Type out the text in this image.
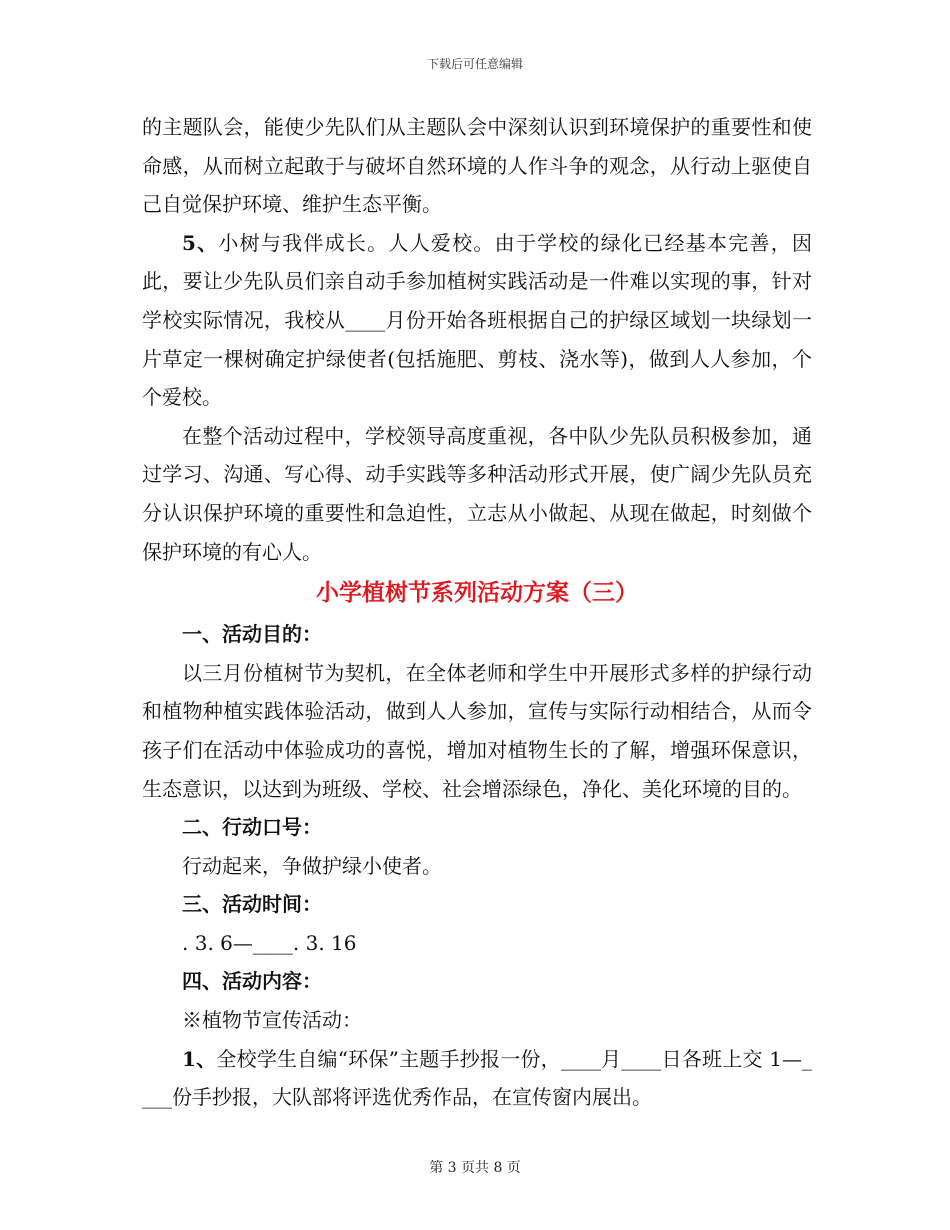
下载后可任意编辑

的主题队会，能使少先队们从主题队会中深刻认识到环境保护的重要性和使命感，从而树立起敢于与破坏自然环境的人作斗争的观念，从行动上驱使自己自觉保护环境、维护生态平衡。

5、小树与我伴成长。人人爱校。由于学校的绿化已经基本完善，因此，要让少先队员们亲自动手参加植树实践活动是一件难以实现的事，针对学校实际情况，我校从____月份开始各班根据自己的护绿区域划一块绿划一片草定一棵树确定护绿使者(包括施肥、剪枝、浇水等)，做到人人参加，个个爱校。

在整个活动过程中，学校领导高度重视，各中队少先队员积极参加，通过学习、沟通、写心得、动手实践等多种活动形式开展，使广阔少先队员充分认识保护环境的重要性和急迫性，立志从小做起、从现在做起，时刻做个保护环境的有心人。

小学植树节系列活动方案（三）

一、活动目的：

以三月份植树节为契机，在全体老师和学生中开展形式多样的护绿行动和植物种植实践体验活动，做到人人参加，宣传与实际行动相结合，从而令孩子们在活动中体验成功的喜悦，增加对植物生长的了解，增强环保意识，生态意识，以达到为班级、学校、社会增添绿色，净化、美化环境的目的。

二、行动口号：

行动起来，争做护绿小使者。

三、活动时间：

. 3. 6—____. 3. 16

四、活动内容：

※植物节宣传活动：

1、全校学生自编“环保”主题手抄报一份，____月____日各班上交 1—____份手抄报，大队部将评选优秀作品，在宣传窗内展出。

第 3 页共 8 页
